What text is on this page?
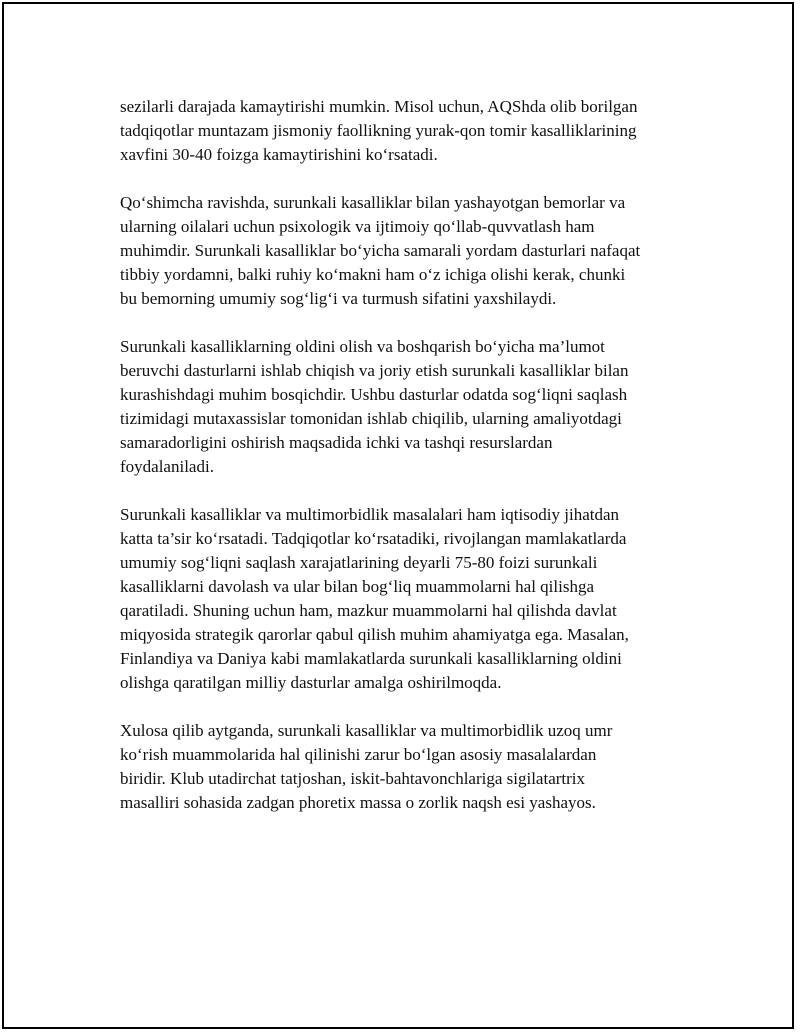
sezilarli darajada kamaytirishi mumkin. Misol uchun, AQShda olib borilgan
tadqiqotlar muntazam jismoniy faollikning yurak-qon tomir kasalliklarining
xavfini 30-40 foizga kamaytirishini ko‘rsatadi.

Qo‘shimcha ravishda, surunkali kasalliklar bilan yashayotgan bemorlar va
ularning oilalari uchun psixologik va ijtimoiy qo‘llab-quvvatlash ham
muhimdir. Surunkali kasalliklar bo‘yicha samarali yordam dasturlari nafaqat
tibbiy yordamni, balki ruhiy ko‘makni ham o‘z ichiga olishi kerak, chunki
bu bemorning umumiy sog‘lig‘i va turmush sifatini yaxshilaydi.

Surunkali kasalliklarning oldini olish va boshqarish bo‘yicha ma’lumot
beruvchi dasturlarni ishlab chiqish va joriy etish surunkali kasalliklar bilan
kurashishdagi muhim bosqichdir. Ushbu dasturlar odatda sog‘liqni saqlash
tizimidagi mutaxassislar tomonidan ishlab chiqilib, ularning amaliyotdagi
samaradorligini oshirish maqsadida ichki va tashqi resurslardan
foydalaniladi.

Surunkali kasalliklar va multimorbidlik masalalari ham iqtisodiy jihatdan
katta ta’sir ko‘rsatadi. Tadqiqotlar ko‘rsatadiki, rivojlangan mamlakatlarda
umumiy sog‘liqni saqlash xarajatlarining deyarli 75-80 foizi surunkali
kasalliklarni davolash va ular bilan bog‘liq muammolarni hal qilishga
qaratiladi. Shuning uchun ham, mazkur muammolarni hal qilishda davlat
miqyosida strategik qarorlar qabul qilish muhim ahamiyatga ega. Masalan,
Finlandiya va Daniya kabi mamlakatlarda surunkali kasalliklarning oldini
olishga qaratilgan milliy dasturlar amalga oshirilmoqda.

Xulosa qilib aytganda, surunkali kasalliklar va multimorbidlik uzoq umr
ko‘rish muammolarida hal qilinishi zarur bo‘lgan asosiy masalalardan
biridir. Klub utadirchat tatjoshan, iskit-bahtavonchlariga sigilatartrix
masalliri sohasida zadgan phoretix massa o zorlik naqsh esi yashayos.
